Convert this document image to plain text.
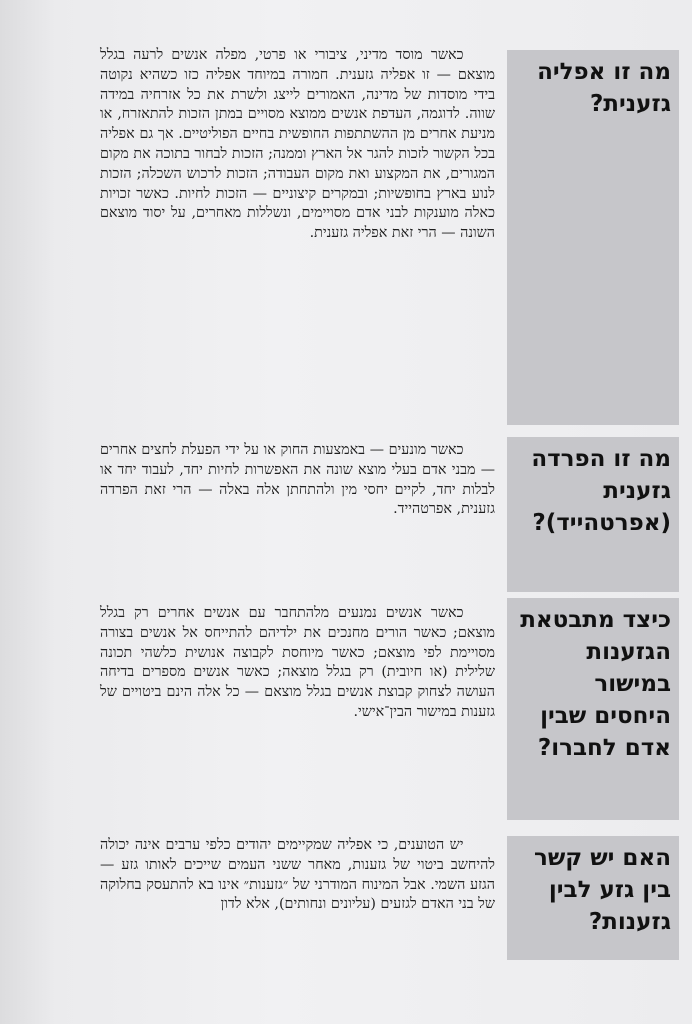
מה זו אפליה גזענית?

כאשר מוסד מדיני, ציבורי או פרטי, מפלה אנשים לרעה בגלל מוצאם — זו אפליה גזענית. חמורה במיוחד אפליה כזו כשהיא נקוטה בידי מוסדות של מדינה, האמורים לייצג ולשרת את כל אזרחיה במידה שווה. לדוגמה, העדפת אנשים ממוצא מסויים במתן הזכות להתאזרח, או מניעת אחרים מן ההשתתפות החופשית בחיים הפוליטיים. אך גם אפליה בכל הקשור לזכות להגר אל הארץ וממנה; הזכות לבחור בתוכה את מקום המגורים, את המקצוע ואת מקום העבודה; הזכות לרכוש השכלה; הזכות לנוע בארץ בחופשיות; ובמקרים קיצוניים — הזכות לחיות. כאשר זכויות כאלה מוענקות לבני אדם מסויימים, ונשללות מאחרים, על יסוד מוצאם השונה — הרי זאת אפליה גזענית.

מה זו הפרדה גזענית (אפרטהייד)?

כאשר מונעים — באמצעות החוק או על ידי הפעלת לחצים אחרים — מבני אדם בעלי מוצא שונה את האפשרות לחיות יחד, לעבוד יחד או לבלות יחד, לקיים יחסי מין ולהתחתן אלה באלה — הרי זאת הפרדה גזענית, אפרטהייד.

כיצד מתבטאת הגזענות במישור היחסים שבין אדם לחברו?

כאשר אנשים נמנעים מלהתחבר עם אנשים אחרים רק בגלל מוצאם; כאשר הורים מחנכים את ילדיהם להתייחס אל אנשים בצורה מסויימת לפי מוצאם; כאשר מיוחסת לקבוצה אנושית כלשהי תכונה שלילית (או חיובית) רק בגלל מוצאה; כאשר אנשים מספרים בדיחה העושה לצחוק קבוצת אנשים בגלל מוצאם — כל אלה הינם ביטויים של גזענות במישור הבין־אישי.

האם יש קשר בין גזע לבין גזענות?

יש הטוענים, כי אפליה שמקיימים יהודים כלפי ערבים אינה יכולה להיחשב ביטוי של גזענות, מאחר ששני העמים שייכים לאותו גזע — הגזע השמי. אבל המינוח המודרני של ״גזענות״ אינו בא להתעסק בחלוקה של בני האדם לגזעים (עליונים ונחותים), אלא לדון
